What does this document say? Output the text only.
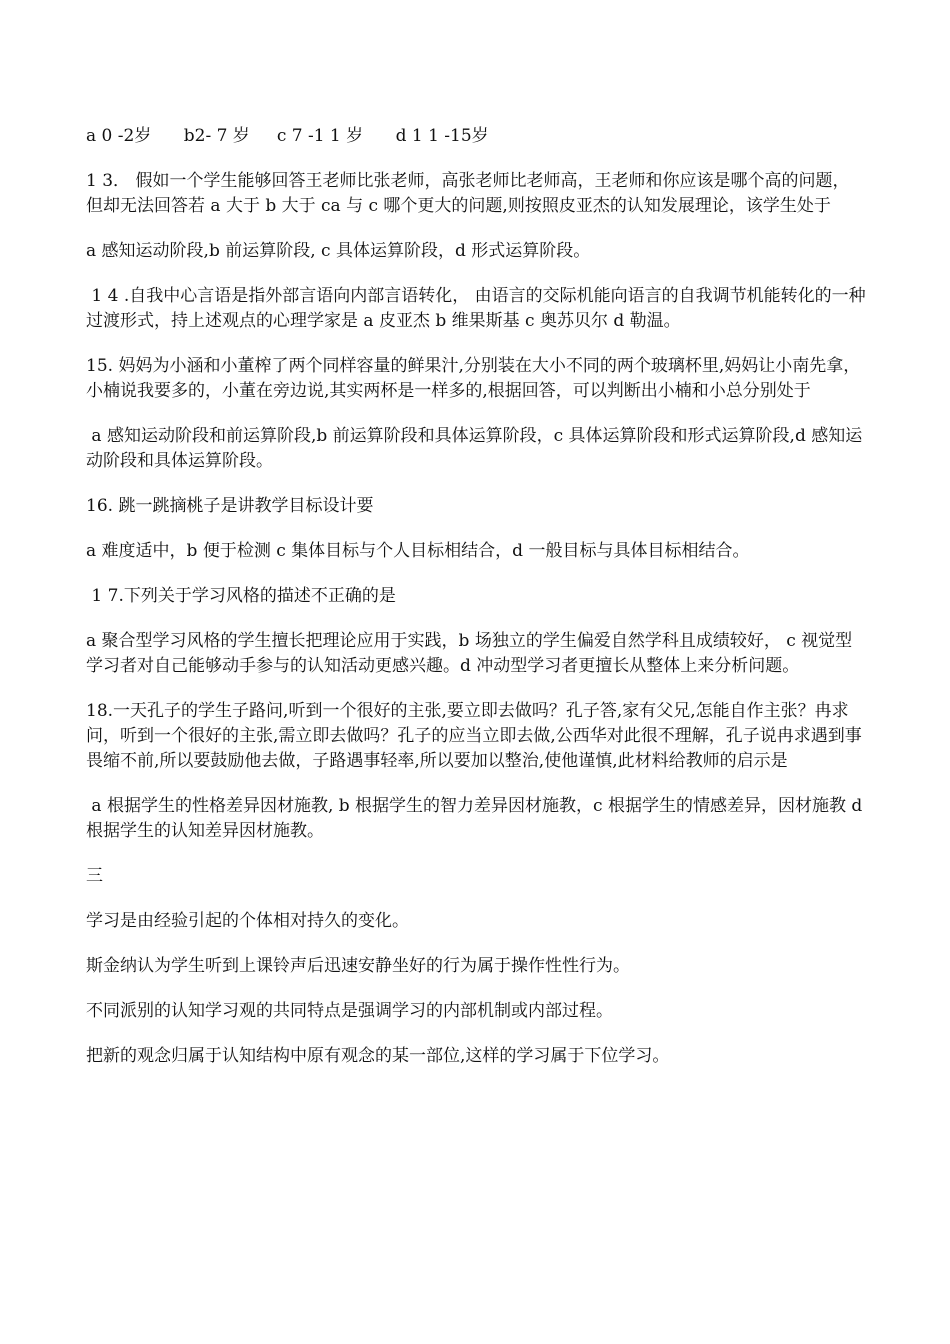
a 0 -2岁      b2- 7 岁     c 7 -1 1 岁      d 1 1 -15岁

1 3． 假如一个学生能够回答王老师比张老师，高张老师比老师高，王老师和你应该是哪个高的问题，但却无法回答若 a 大于 b 大于 ca 与 c 哪个更大的问题,则按照皮亚杰的认知发展理论，该学生处于

a 感知运动阶段,b 前运算阶段, c 具体运算阶段，d 形式运算阶段。

1 4 .自我中心言语是指外部言语向内部言语转化， 由语言的交际机能向语言的自我调节机能转化的一种过渡形式，持上述观点的心理学家是 a 皮亚杰 b 维果斯基 c 奥苏贝尔 d 勒温。

15. 妈妈为小涵和小董榨了两个同样容量的鲜果汁,分别装在大小不同的两个玻璃杯里,妈妈让小南先拿，小楠说我要多的，小董在旁边说,其实两杯是一样多的,根据回答，可以判断出小楠和小总分别处于

a 感知运动阶段和前运算阶段,b 前运算阶段和具体运算阶段，c 具体运算阶段和形式运算阶段,d 感知运动阶段和具体运算阶段。

16. 跳一跳摘桃子是讲教学目标设计要

a 难度适中，b 便于检测 c 集体目标与个人目标相结合，d 一般目标与具体目标相结合。

1 7.下列关于学习风格的描述不正确的是

a 聚合型学习风格的学生擅长把理论应用于实践，b 场独立的学生偏爱自然学科且成绩较好， c 视觉型学习者对自己能够动手参与的认知活动更感兴趣。d 冲动型学习者更擅长从整体上来分析问题。

18.一天孔子的学生子路问,听到一个很好的主张,要立即去做吗？孔子答,家有父兄,怎能自作主张？冉求问，听到一个很好的主张,需立即去做吗？孔子的应当立即去做,公西华对此很不理解，孔子说冉求遇到事畏缩不前,所以要鼓励他去做，子路遇事轻率,所以要加以整治,使他谨慎,此材料给教师的启示是

a 根据学生的性格差异因材施教, b 根据学生的智力差异因材施教，c 根据学生的情感差异，因材施教 d 根据学生的认知差异因材施教。

三

学习是由经验引起的个体相对持久的变化。

斯金纳认为学生听到上课铃声后迅速安静坐好的行为属于操作性性行为。

不同派别的认知学习观的共同特点是强调学习的内部机制或内部过程。

把新的观念归属于认知结构中原有观念的某一部位,这样的学习属于下位学习。
